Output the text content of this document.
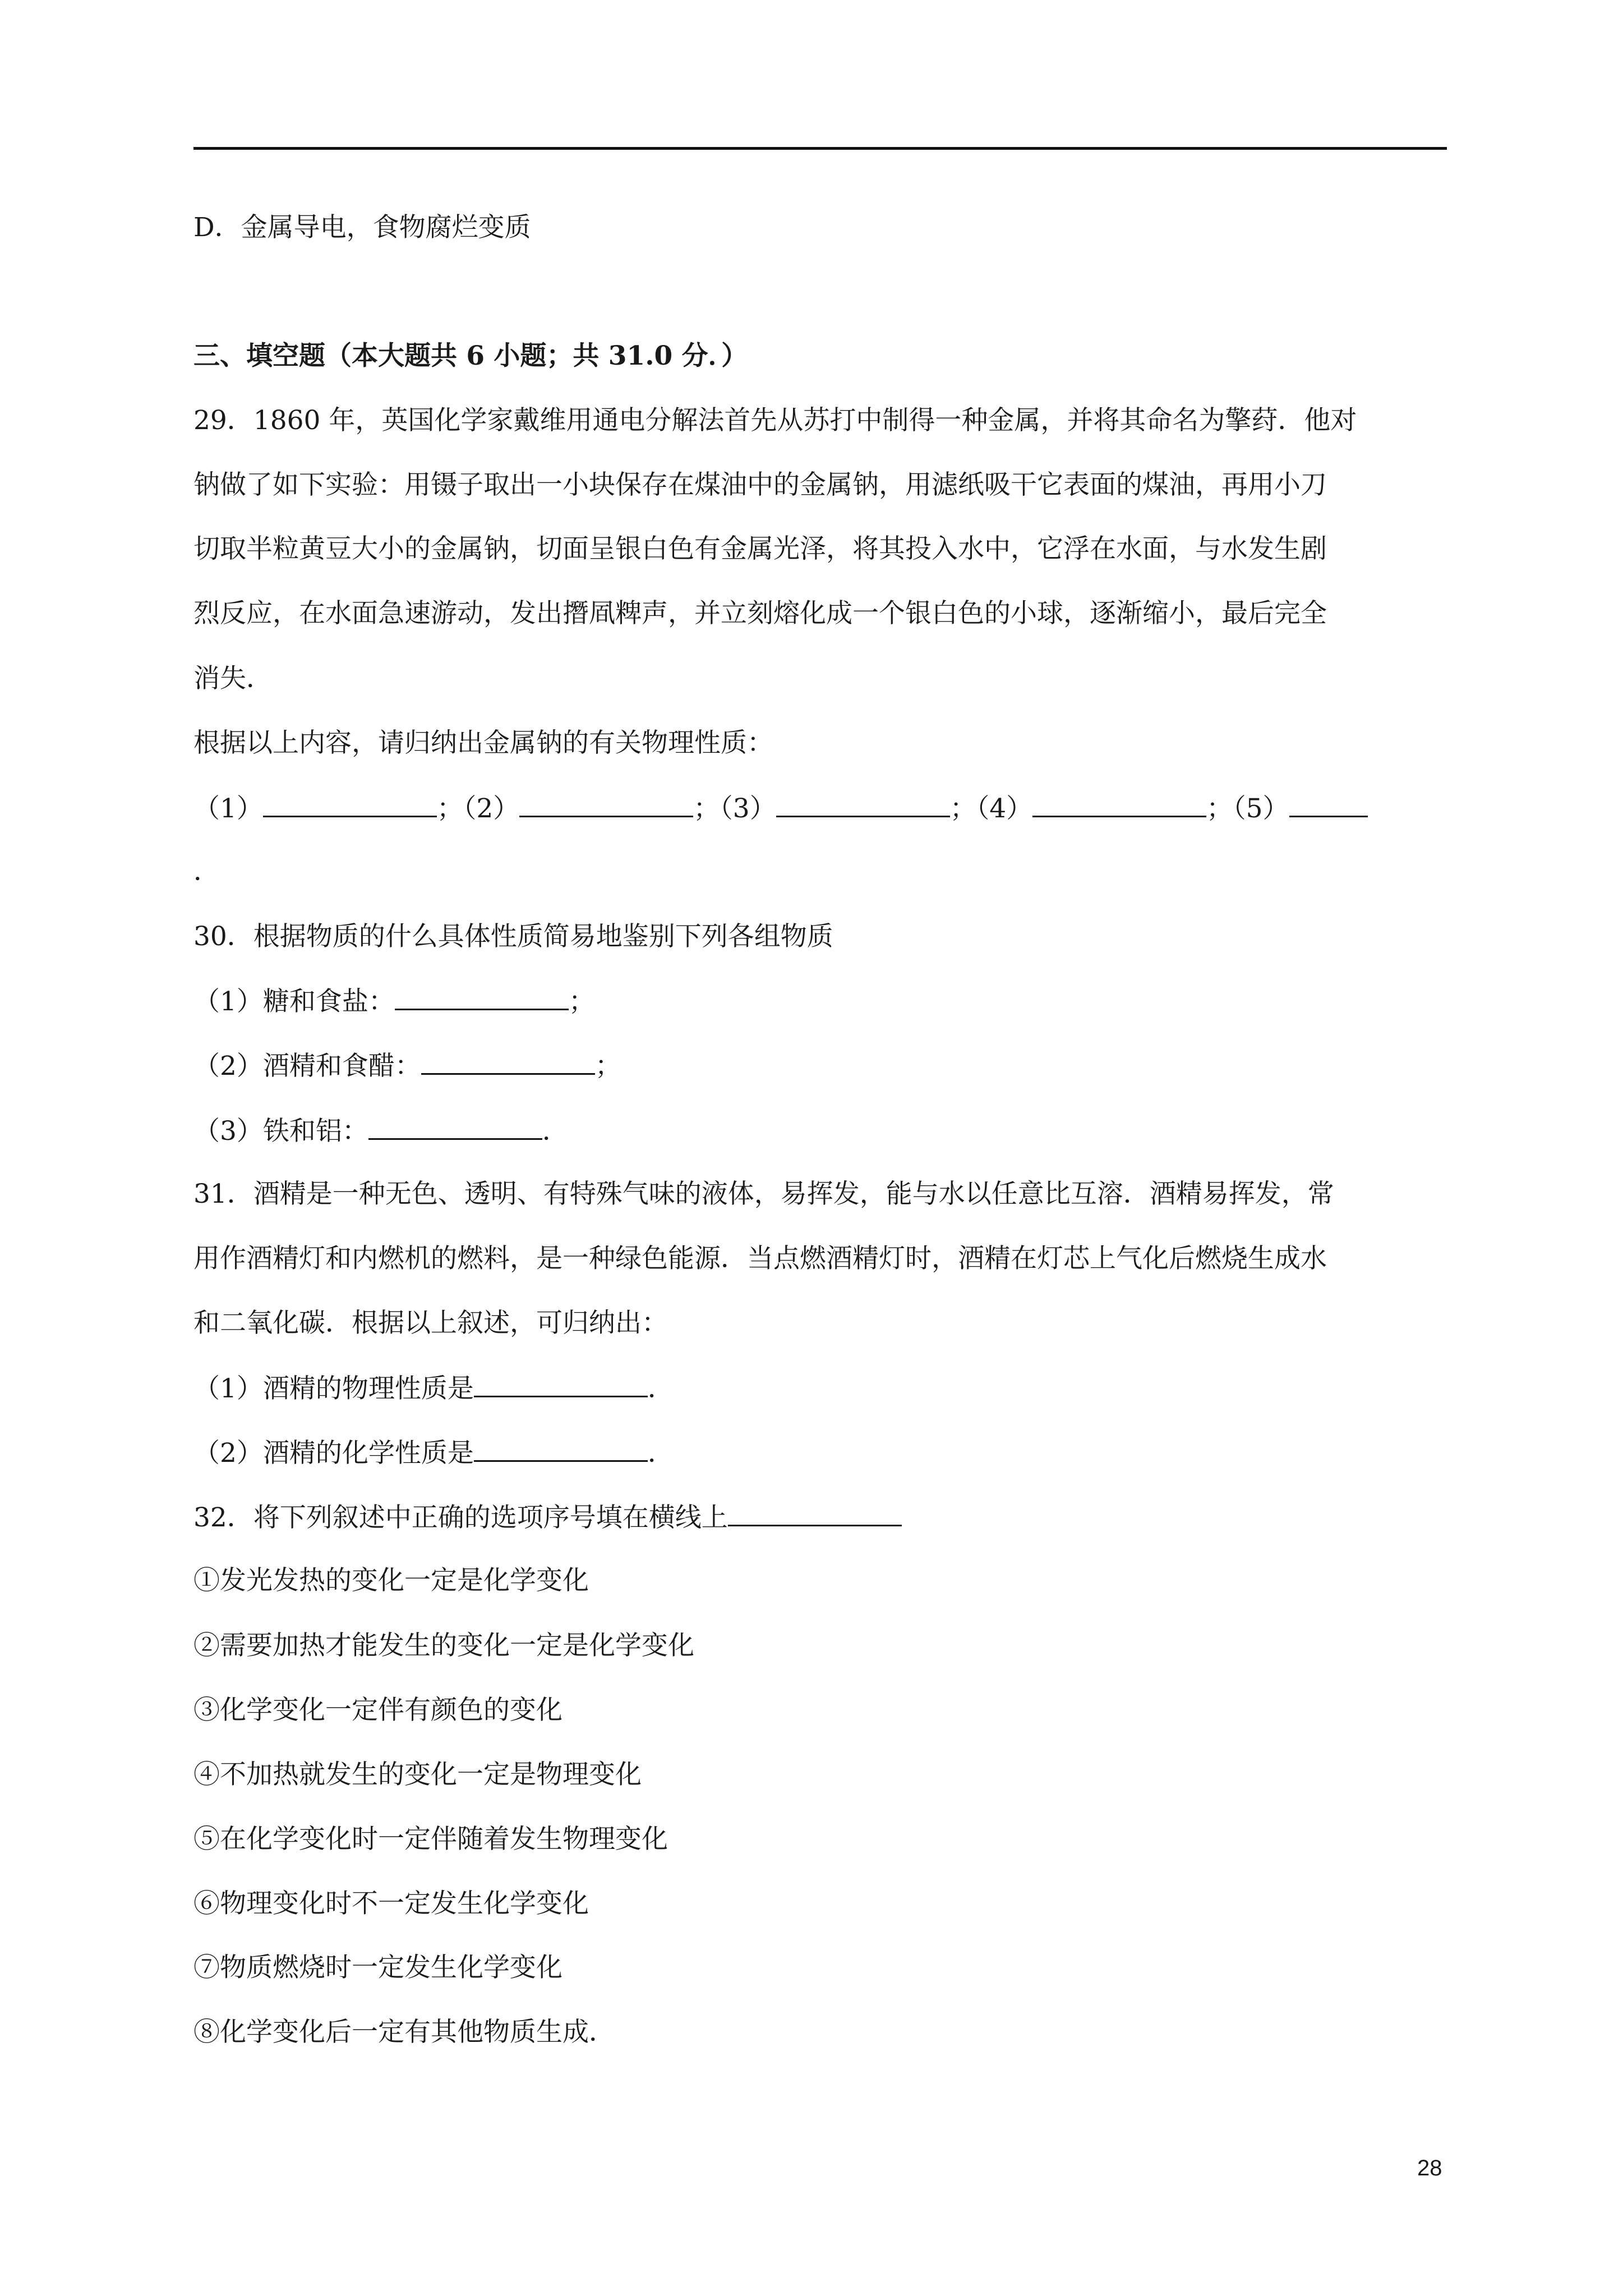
D．金属导电，食物腐烂变质
三、填空题（本大题共 6 小题；共 31.0 分．）
29．1860 年，英国化学家戴维用通电分解法首先从苏打中制得一种金属，并将其命名为擎荮．他对
钠做了如下实验：用镊子取出一小块保存在煤油中的金属钠，用滤纸吸干它表面的煤油，再用小刀
切取半粒黄豆大小的金属钠，切面呈银白色有金属光泽，将其投入水中，它浮在水面，与水发生剧
烈反应，在水面急速游动，发出撍凮粺声，并立刻熔化成一个银白色的小球，逐渐缩小，最后完全
消失．
根据以上内容，请归纳出金属钠的有关物理性质：
（1）	；（2）	；（3）	；（4）	；（5）
．
30．根据物质的什么具体性质简易地鉴别下列各组物质
（1）糖和食盐：	；
（2）酒精和食醋：	；
（3）铁和铝：	．
31．酒精是一种无色、透明、有特殊气味的液体，易挥发，能与水以任意比互溶．酒精易挥发，常
用作酒精灯和内燃机的燃料，是一种绿色能源．当点燃酒精灯时，酒精在灯芯上气化后燃烧生成水
和二氧化碳．根据以上叙述，可归纳出：
（1）酒精的物理性质是	．
（2）酒精的化学性质是	．
32．将下列叙述中正确的选项序号填在横线上
①发光发热的变化一定是化学变化
②需要加热才能发生的变化一定是化学变化
③化学变化一定伴有颜色的变化
④不加热就发生的变化一定是物理变化
⑤在化学变化时一定伴随着发生物理变化
⑥物理变化时不一定发生化学变化
⑦物质燃烧时一定发生化学变化
⑧化学变化后一定有其他物质生成．
28
